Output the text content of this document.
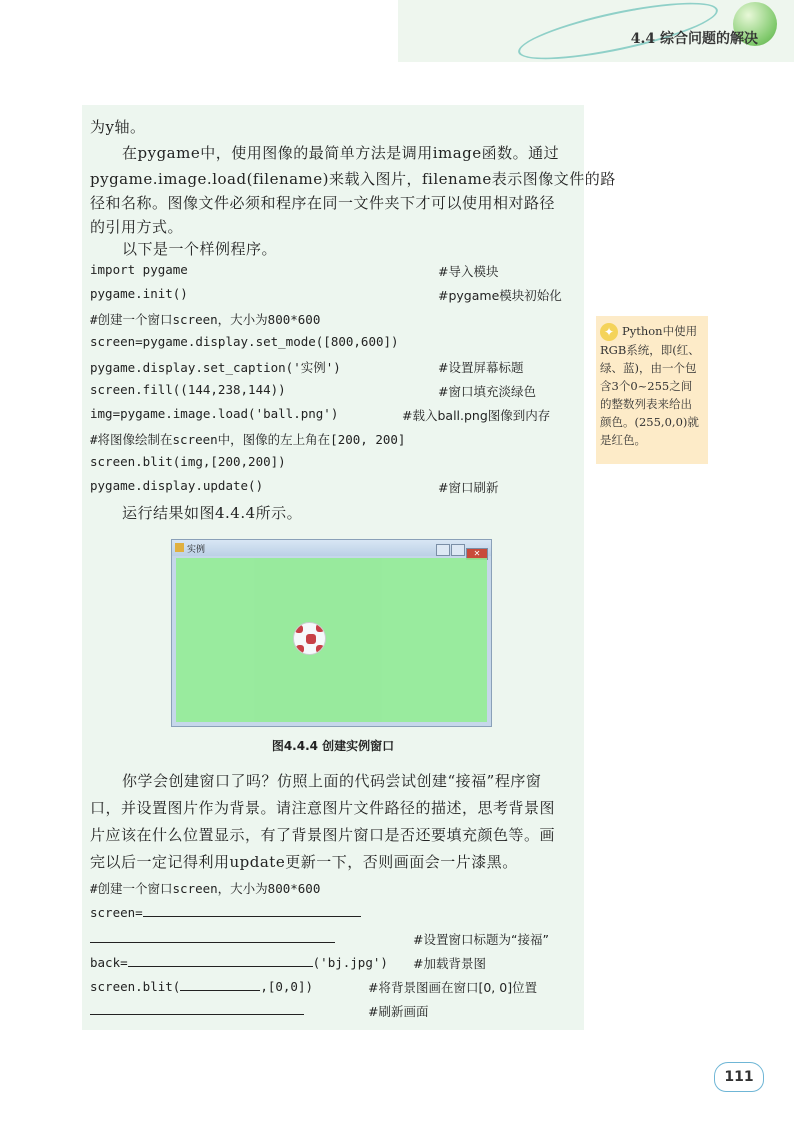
4.4 综合问题的解决
为y轴。
在pygame中，使用图像的最简单方法是调用image函数。通过
pygame.image.load(filename)来载入图片，filename表示图像文件的路
径和名称。图像文件必须和程序在同一文件夹下才可以使用相对路径
的引用方式。
以下是一个样例程序。
import pygame	#导入模块
pygame.init()	#pygame模块初始化
#创建一个窗口screen，大小为800*600
screen=pygame.display.set_mode([800,600])
pygame.display.set_caption('实例')	#设置屏幕标题
screen.fill((144,238,144))	#窗口填充淡绿色
img=pygame.image.load('ball.png')	#载入ball.png图像到内存
#将图像绘制在screen中，图像的左上角在[200, 200]
screen.blit(img,[200,200])
pygame.display.update()	#窗口刷新
运行结果如图4.4.4所示。
✦ Python中使用
RGB系统，即(红、
绿、蓝)，由一个包
含3个0~255之间
的整数列表来给出
颜色。(255,0,0)就
是红色。
实例	✕
图4.4.4 创建实例窗口
你学会创建窗口了吗？仿照上面的代码尝试创建“接福”程序窗
口，并设置图片作为背景。请注意图片文件路径的描述，思考背景图
片应该在什么位置显示，有了背景图片窗口是否还要填充颜色等。画
完以后一定记得利用update更新一下，否则画面会一片漆黑。
#创建一个窗口screen，大小为800*600
screen=
#设置窗口标题为“接福”
back=	('bj.jpg') #加载背景图
screen.blit(	,[0,0])	#将背景图画在窗口[0, 0]位置
#刷新画面
111
